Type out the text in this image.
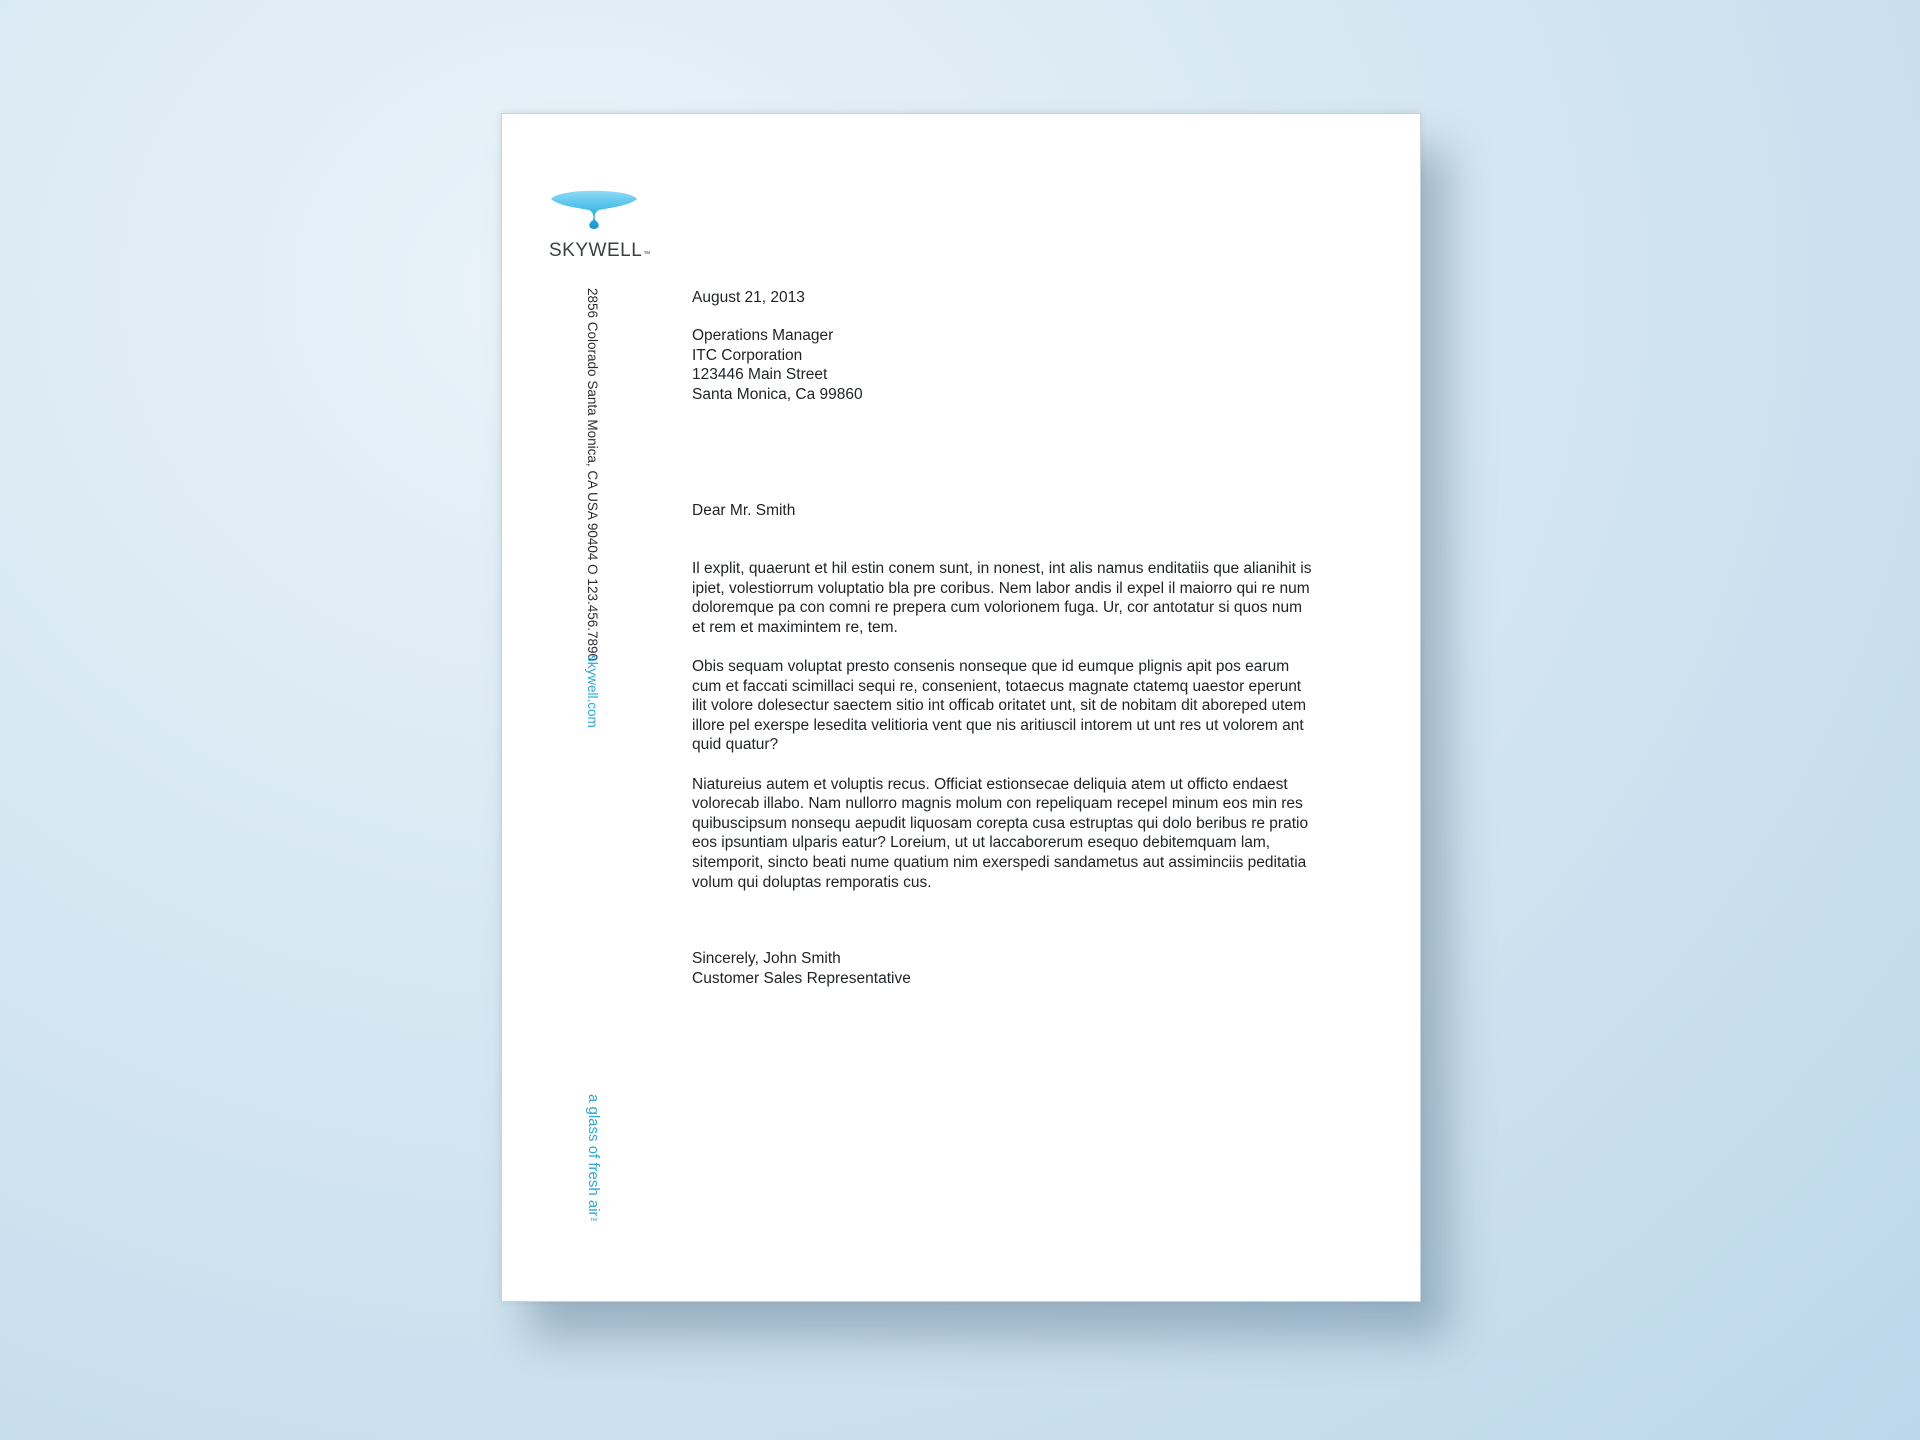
SKYWELL™
2856 Colorado Santa Monica, CA USA 90404 O 123.456.7890
skywell.com
a glass of fresh air™
August 21, 2013
Operations Manager
ITC Corporation
123446 Main Street
Santa Monica, Ca 99860
Dear Mr. Smith

Il explit, quaerunt et hil estin conem sunt, in nonest, int alis namus enditatiis que alianihit is ipiet, volestiorrum voluptatio bla pre coribus. Nem labor andis il expel il maiorro qui re num doloremque pa con comni re prepera cum volorionem fuga. Ur, cor antotatur si quos num et rem et maximintem re, tem.

Obis sequam voluptat presto consenis nonseque que id eumque plignis apit pos earum cum et faccati scimillaci sequi re, consenient, totaecus magnate ctatemq uaestor eperunt ilit volore dolesectur saectem sitio int officab oritatet unt, sit de nobitam dit aboreped utem illore pel exerspe lesedita velitioria vent que nis aritiuscil intorem ut unt res ut volorem ant quid quatur?

Niatureius autem et voluptis recus. Officiat estionsecae deliquia atem ut officto endaest volorecab illabo. Nam nullorro magnis molum con repeliquam recepel minum eos min res quibuscipsum nonsequ aepudit liquosam corepta cusa estruptas qui dolo beribus re pratio eos ipsuntiam ulparis eatur? Loreium, ut ut laccaborerum esequo debitemquam lam, sitemporit, sincto beati nume quatium nim exerspedi sandametus aut assiminciis peditatia volum qui doluptas remporatis cus.

Sincerely, John Smith
Customer Sales Representative
